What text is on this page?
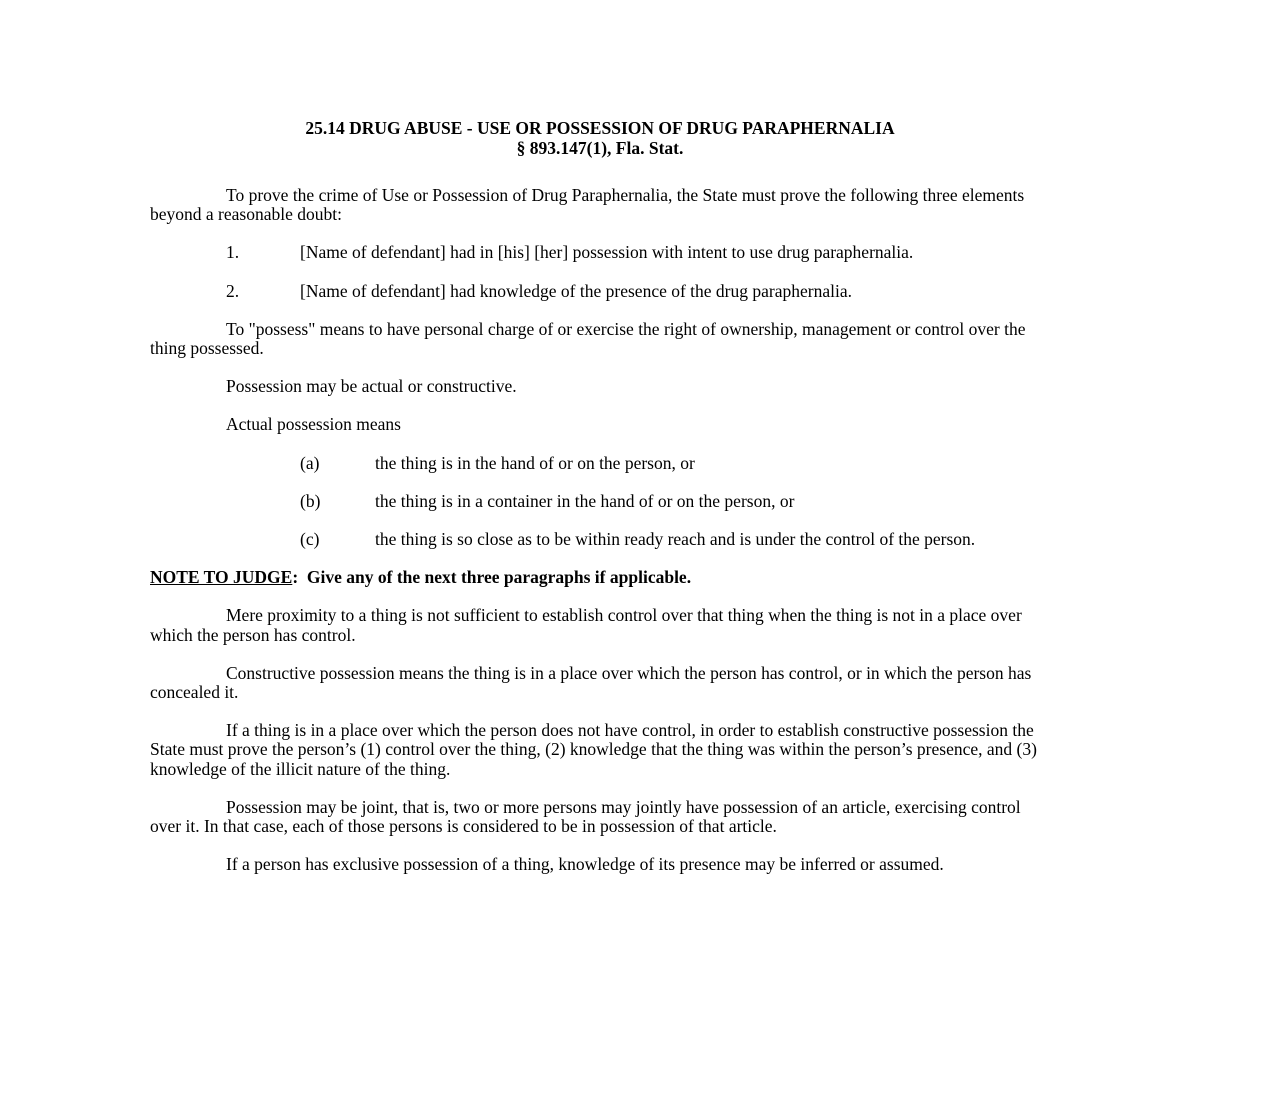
25.14 DRUG ABUSE - USE OR POSSESSION OF DRUG PARAPHERNALIA

§ 893.147(1), Fla. Stat.

To prove the crime of Use or Possession of Drug Paraphernalia, the State must prove the following three elements beyond a reasonable doubt:

1.	[Name of defendant] had in [his] [her] possession with intent to use drug paraphernalia.
2.	[Name of defendant] had knowledge of the presence of the drug paraphernalia.

To "possess" means to have personal charge of or exercise the right of ownership, management or control over the thing possessed.

Possession may be actual or constructive.

Actual possession means

(a)	the thing is in the hand of or on the person, or
(b)	the thing is in a container in the hand of or on the person, or
(c)	the thing is so close as to be within ready reach and is under the control of the person.

NOTE TO JUDGE: Give any of the next three paragraphs if applicable.

Mere proximity to a thing is not sufficient to establish control over that thing when the thing is not in a place over which the person has control.

Constructive possession means the thing is in a place over which the person has control, or in which the person has concealed it.

If a thing is in a place over which the person does not have control, in order to establish constructive possession the State must prove the person’s (1) control over the thing, (2) knowledge that the thing was within the person’s presence, and (3) knowledge of the illicit nature of the thing.

Possession may be joint, that is, two or more persons may jointly have possession of an article, exercising control over it. In that case, each of those persons is considered to be in possession of that article.

If a person has exclusive possession of a thing, knowledge of its presence may be inferred or assumed.
